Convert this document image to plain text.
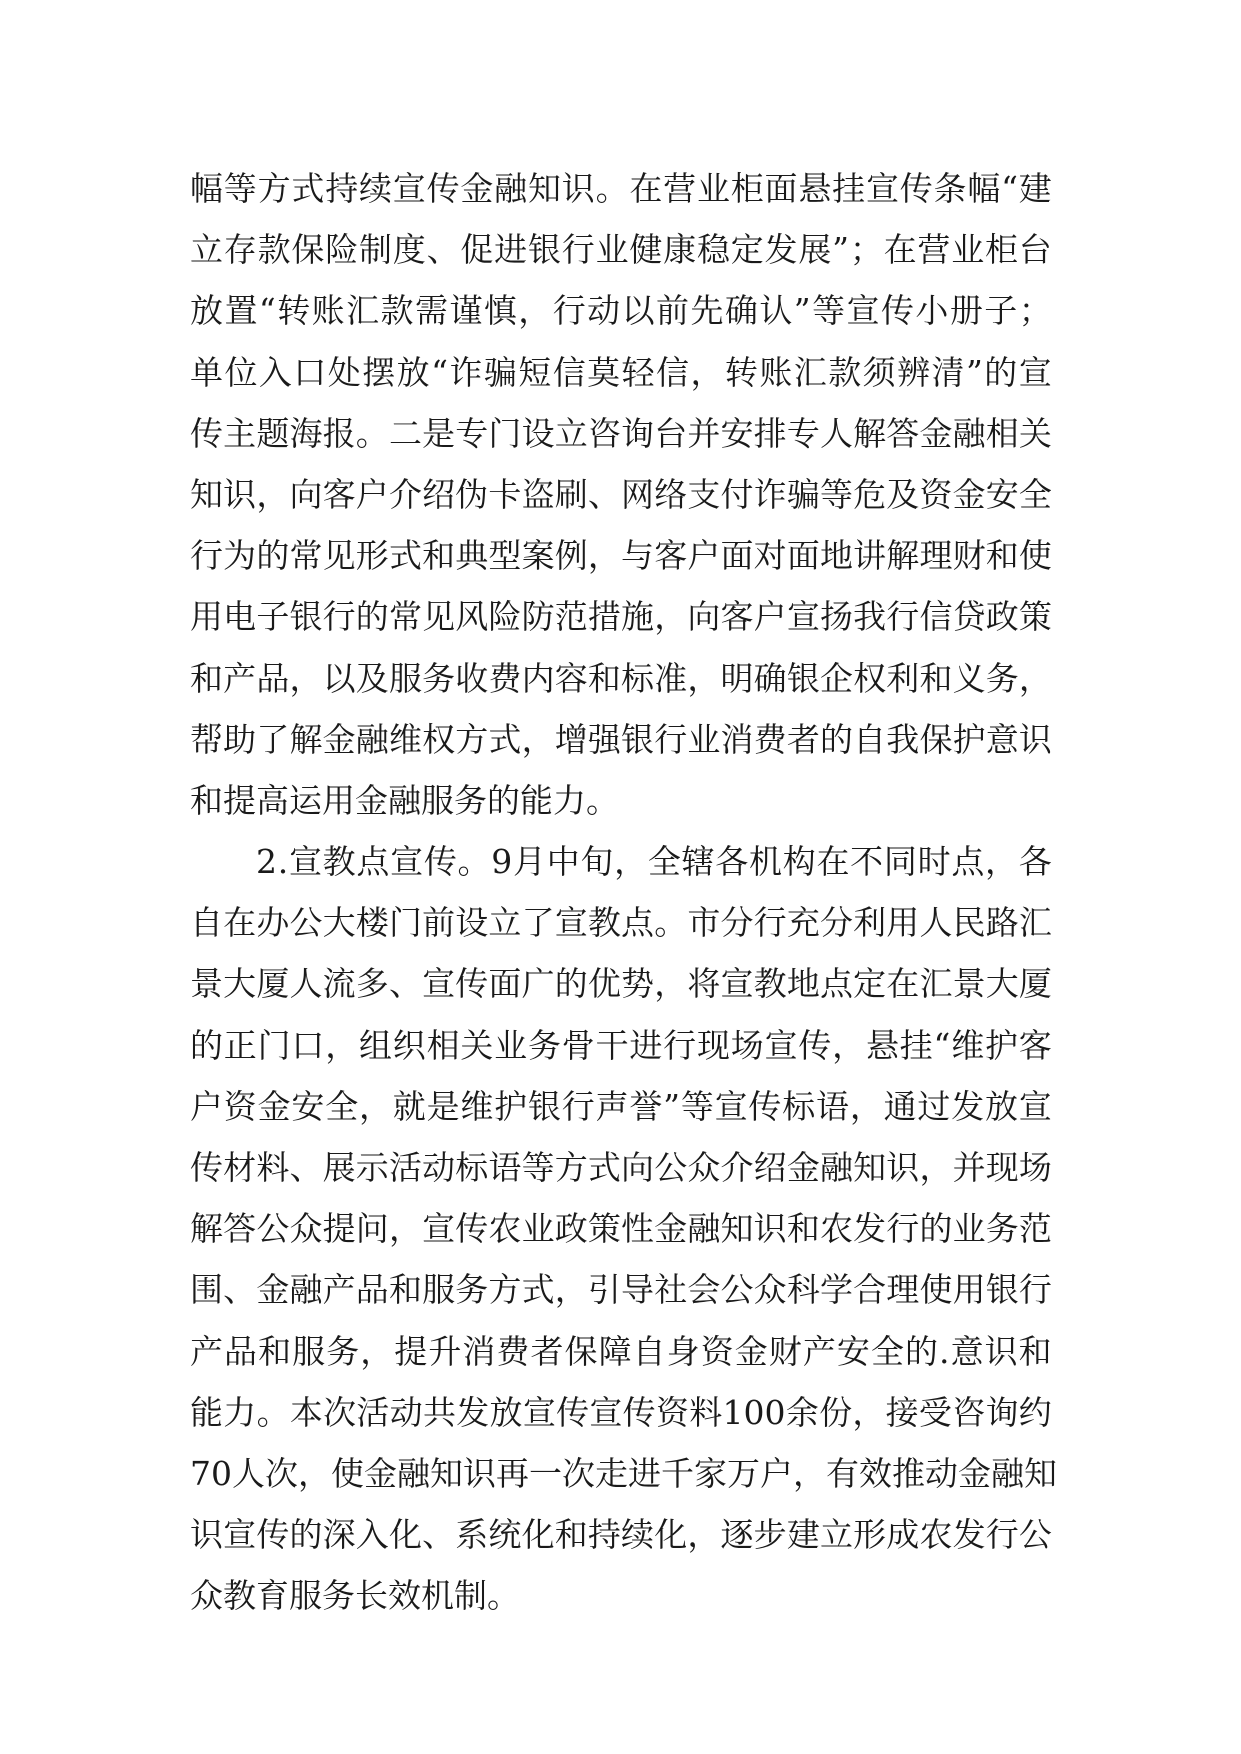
幅 等 方 式 持 续 宣 传 金 融 知 识 。 在 营 业 柜 面 悬 挂 宣 传 条 幅 “ 建
立 存 款 保 险 制 度 、 促 进 银 行 业 健 康 稳 定 发 展 ” ； 在 营 业 柜 台
放 置 “ 转 账 汇 款 需 谨 慎 ， 行 动 以 前 先 确 认 ” 等 宣 传 小 册 子 ；
单 位 入 口 处 摆 放 “ 诈 骗 短 信 莫 轻 信 ， 转 账 汇 款 须 辨 清 ” 的 宣
传 主 题 海 报 。 二 是 专 门 设 立 咨 询 台 并 安 排 专 人 解 答 金 融 相 关
知 识 ， 向 客 户 介 绍 伪 卡 盗 刷 、 网 络 支 付 诈 骗 等 危 及 资 金 安 全
行 为 的 常 见 形 式 和 典 型 案 例 ， 与 客 户 面 对 面 地 讲 解 理 财 和 使
用 电 子 银 行 的 常 见 风 险 防 范 措 施 ， 向 客 户 宣 扬 我 行 信 贷 政 策
和 产 品 ， 以 及 服 务 收 费 内 容 和 标 准 ， 明 确 银 企 权 利 和 义 务 ，
帮 助 了 解 金 融 维 权 方 式 ， 增 强 银 行 业 消 费 者 的 自 我 保 护 意 识
和提高运用金融服务的能力。
2 . 宣 教 点 宣 传 。 9 月 中 旬 ， 全 辖 各 机 构 在 不 同 时 点 ， 各
自 在 办 公 大 楼 门 前 设 立 了 宣 教 点 。 市 分 行 充 分 利 用 人 民 路 汇
景 大 厦 人 流 多 、 宣 传 面 广 的 优 势 ， 将 宣 教 地 点 定 在 汇 景 大 厦
的 正 门 口 ， 组 织 相 关 业 务 骨 干 进 行 现 场 宣 传 ， 悬 挂 “ 维 护 客
户 资 金 安 全 ， 就 是 维 护 银 行 声 誉 ” 等 宣 传 标 语 ， 通 过 发 放 宣
传 材 料 、 展 示 活 动 标 语 等 方 式 向 公 众 介 绍 金 融 知 识 ， 并 现 场
解 答 公 众 提 问 ， 宣 传 农 业 政 策 性 金 融 知 识 和 农 发 行 的 业 务 范
围 、 金 融 产 品 和 服 务 方 式 ， 引 导 社 会 公 众 科 学 合 理 使 用 银 行
产 品 和 服 务 ， 提 升 消 费 者 保 障 自 身 资 金 财 产 安 全 的 . 意 识 和
能 力 。 本 次 活 动 共 发 放 宣 传 宣 传 资 料 100 余 份 ， 接 受 咨 询 约
70 人 次 ， 使 金 融 知 识 再 一 次 走 进 千 家 万 户 ， 有 效 推 动 金 融 知
识 宣 传 的 深 入 化 、 系 统 化 和 持 续 化 ， 逐 步 建 立 形 成 农 发 行 公
众教育服务长效机制。
